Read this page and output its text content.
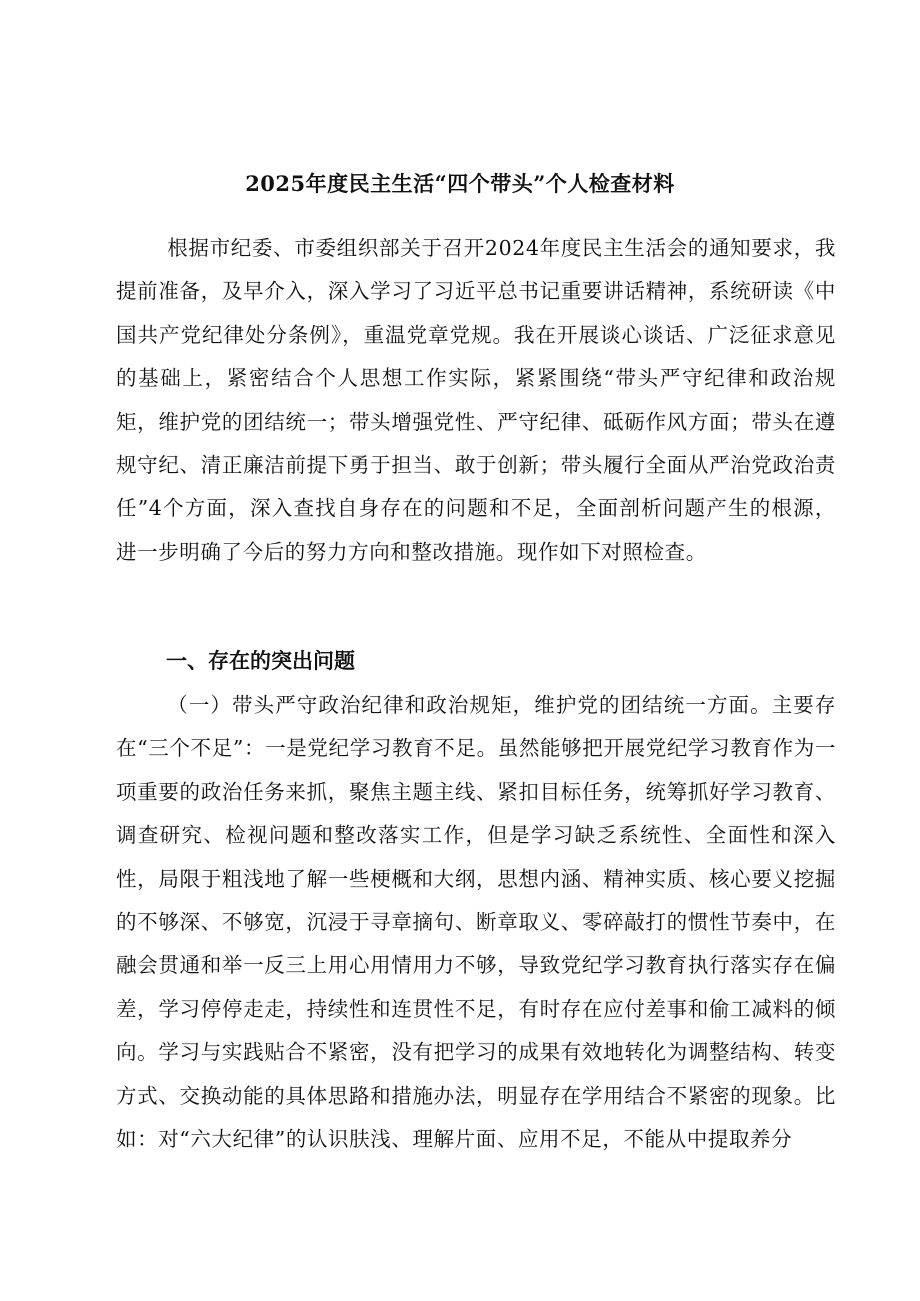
2025年度民主生活“四个带头”个人检查材料

根据市纪委、市委组织部关于召开2024年度民主生活会的通知要求，我提前准备，及早介入，深入学习了习近平总书记重要讲话精神，系统研读《中国共产党纪律处分条例》，重温党章党规。我在开展谈心谈话、广泛征求意见的基础上，紧密结合个人思想工作实际，紧紧围绕“带头严守纪律和政治规矩，维护党的团结统一；带头增强党性、严守纪律、砥砺作风方面；带头在遵规守纪、清正廉洁前提下勇于担当、敢于创新；带头履行全面从严治党政治责任”4个方面，深入查找自身存在的问题和不足，全面剖析问题产生的根源，进一步明确了今后的努力方向和整改措施。现作如下对照检查。

一、存在的突出问题

（一）带头严守政治纪律和政治规矩，维护党的团结统一方面。主要存在“三个不足”：一是党纪学习教育不足。虽然能够把开展党纪学习教育作为一项重要的政治任务来抓，聚焦主题主线、紧扣目标任务，统筹抓好学习教育、调查研究、检视问题和整改落实工作，但是学习缺乏系统性、全面性和深入性，局限于粗浅地了解一些梗概和大纲，思想内涵、精神实质、核心要义挖掘的不够深、不够宽，沉浸于寻章摘句、断章取义、零碎敲打的惯性节奏中，在融会贯通和举一反三上用心用情用力不够，导致党纪学习教育执行落实存在偏差，学习停停走走，持续性和连贯性不足，有时存在应付差事和偷工减料的倾向。学习与实践贴合不紧密，没有把学习的成果有效地转化为调整结构、转变方式、交换动能的具体思路和措施办法，明显存在学用结合不紧密的现象。比如：对“六大纪律”的认识肤浅、理解片面、应用不足，不能从中提取养分
